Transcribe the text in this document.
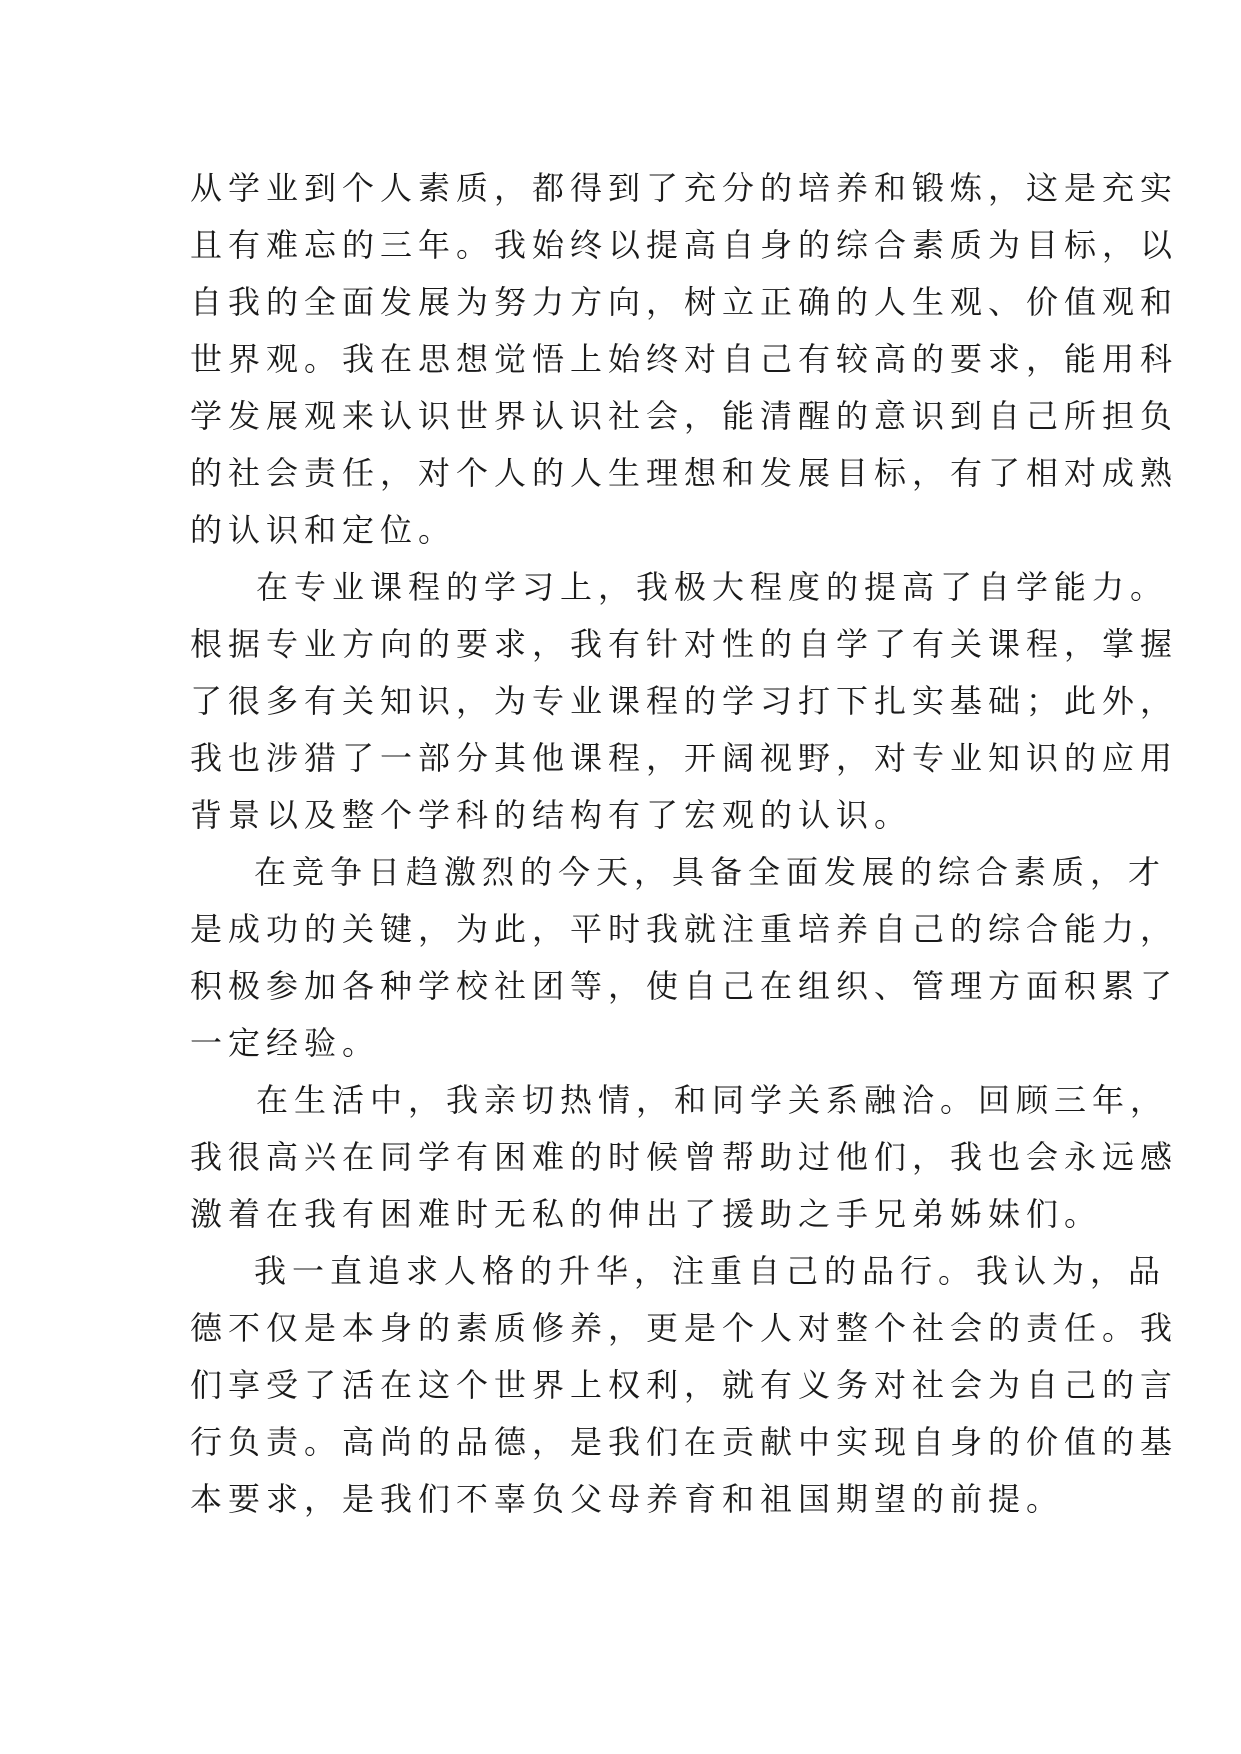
从学业到个人素质，都得到了充分的培养和锻炼，这是充实
且有难忘的三年。我始终以提高自身的综合素质为目标，以
自我的全面发展为努力方向，树立正确的人生观、价值观和
世界观。我在思想觉悟上始终对自己有较高的要求，能用科
学发展观来认识世界认识社会，能清醒的意识到自己所担负
的社会责任，对个人的人生理想和发展目标，有了相对成熟
的认识和定位。
在专业课程的学习上，我极大程度的提高了自学能力。
根据专业方向的要求，我有针对性的自学了有关课程，掌握
了很多有关知识，为专业课程的学习打下扎实基础；此外，
我也涉猎了一部分其他课程，开阔视野，对专业知识的应用
背景以及整个学科的结构有了宏观的认识。
在竞争日趋激烈的今天，具备全面发展的综合素质，才
是成功的关键，为此，平时我就注重培养自己的综合能力，
积极参加各种学校社团等，使自己在组织、管理方面积累了
一定经验。
在生活中，我亲切热情，和同学关系融洽。回顾三年，
我很高兴在同学有困难的时候曾帮助过他们，我也会永远感
激着在我有困难时无私的伸出了援助之手兄弟姊妹们。
我一直追求人格的升华，注重自己的品行。我认为，品
德不仅是本身的素质修养，更是个人对整个社会的责任。我
们享受了活在这个世界上权利，就有义务对社会为自己的言
行负责。高尚的品德，是我们在贡献中实现自身的价值的基
本要求，是我们不辜负父母养育和祖国期望的前提。
